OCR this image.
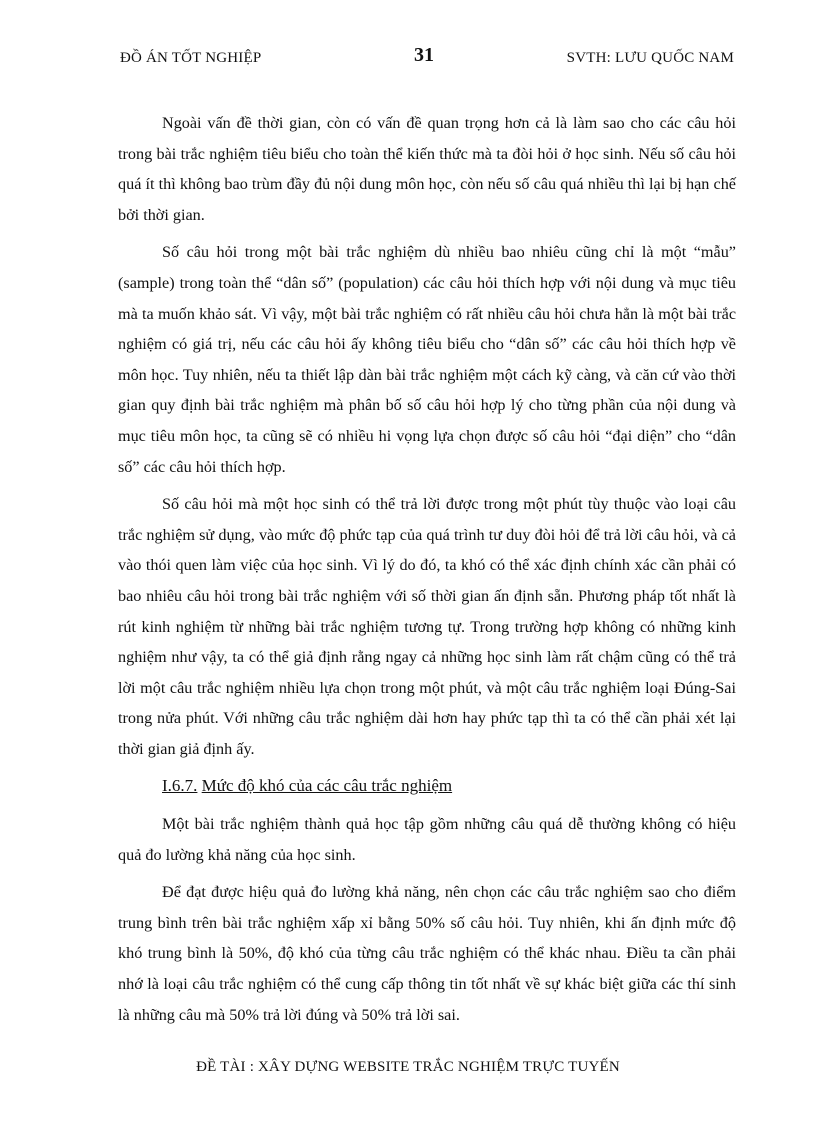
ĐỒ ÁN TỐT NGHIỆP	31	SVTH: LƯU QUỐC NAM

Ngoài vấn đề thời gian, còn có vấn đề quan trọng hơn cả là làm sao cho các câu hỏi trong bài trắc nghiệm tiêu biểu cho toàn thể kiến thức mà ta đòi hỏi ở học sinh. Nếu số câu hỏi quá ít thì không bao trùm đầy đủ nội dung môn học, còn nếu số câu quá nhiều thì lại bị hạn chế bởi thời gian.

Số câu hỏi trong một bài trắc nghiệm dù nhiều bao nhiêu cũng chỉ là một “mẫu” (sample) trong toàn thể “dân số” (population) các câu hỏi thích hợp với nội dung và mục tiêu mà ta muốn khảo sát. Vì vậy, một bài trắc nghiệm có rất nhiều câu hỏi chưa hẳn là một bài trắc nghiệm có giá trị, nếu các câu hỏi ấy không tiêu biểu cho “dân số” các câu hỏi thích hợp về môn học. Tuy nhiên, nếu ta thiết lập dàn bài trắc nghiệm một cách kỹ càng, và căn cứ vào thời gian quy định bài trắc nghiệm mà phân bố số câu hỏi hợp lý cho từng phần của nội dung và mục tiêu môn học, ta cũng sẽ có nhiều hi vọng lựa chọn được số câu hỏi “đại diện” cho “dân số” các câu hỏi thích hợp.

Số câu hỏi mà một học sinh có thể trả lời được trong một phút tùy thuộc vào loại câu trắc nghiệm sử dụng, vào mức độ phức tạp của quá trình tư duy đòi hỏi để trả lời câu hỏi, và cả vào thói quen làm việc của học sinh. Vì lý do đó, ta khó có thể xác định chính xác cần phải có bao nhiêu câu hỏi trong bài trắc nghiệm với số thời gian ấn định sẵn. Phương pháp tốt nhất là rút kinh nghiệm từ những bài trắc nghiệm tương tự. Trong trường hợp không có những kinh nghiệm như vậy, ta có thể giả định rằng ngay cả những học sinh làm rất chậm cũng có thể trả lời một câu trắc nghiệm nhiều lựa chọn trong một phút, và một câu trắc nghiệm loại Đúng-Sai trong nửa phút. Với những câu trắc nghiệm dài hơn hay phức tạp thì ta có thể cần phải xét lại thời gian giả định ấy.

I.6.7. Mức độ khó của các câu trắc nghiệm

Một bài trắc nghiệm thành quả học tập gồm những câu quá dễ thường không có hiệu quả đo lường khả năng của học sinh.

Để đạt được hiệu quả đo lường khả năng, nên chọn các câu trắc nghiệm sao cho điểm trung bình trên bài trắc nghiệm xấp xỉ bằng 50% số câu hỏi. Tuy nhiên, khi ấn định mức độ khó trung bình là 50%, độ khó của từng câu trắc nghiệm có thể khác nhau. Điều ta cần phải nhớ là loại câu trắc nghiệm có thể cung cấp thông tin tốt nhất về sự khác biệt giữa các thí sinh là những câu mà 50% trả lời đúng và 50% trả lời sai.

ĐỀ TÀI : XÂY DỰNG WEBSITE TRẮC NGHIỆM TRỰC TUYẾN
